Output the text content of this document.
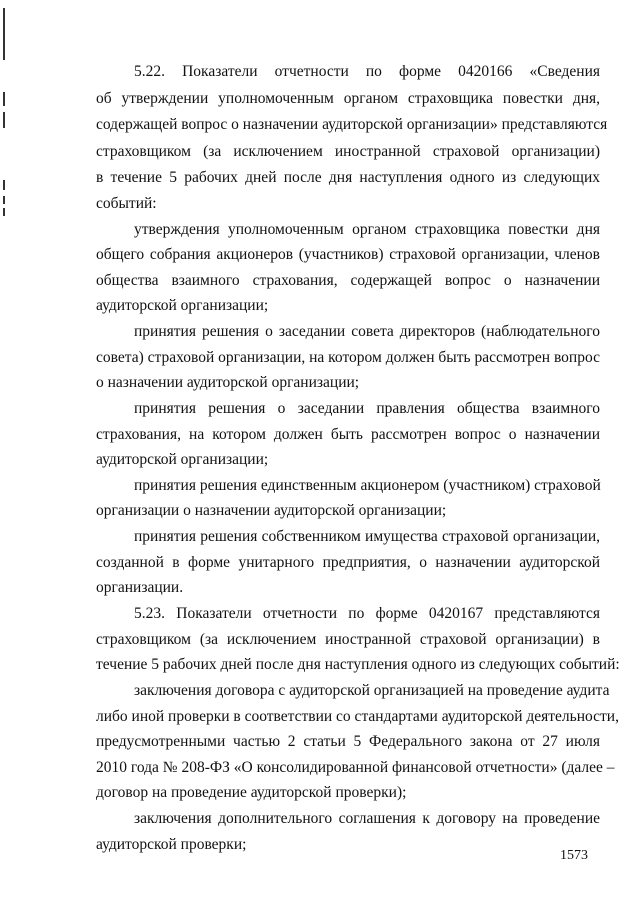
5.22. Показатели отчетности по форме 0420166 «Сведения
об утверждении уполномоченным органом страховщика повестки дня,
содержащей вопрос о назначении аудиторской организации» представляются
страховщиком (за исключением иностранной страховой организации)
в течение 5 рабочих дней после дня наступления одного из следующих
событий:
утверждения уполномоченным органом страховщика повестки дня
общего собрания акционеров (участников) страховой организации, членов
общества взаимного страхования, содержащей вопрос о назначении
аудиторской организации;
принятия решения о заседании совета директоров (наблюдательного
совета) страховой организации, на котором должен быть рассмотрен вопрос
о назначении аудиторской организации;
принятия решения о заседании правления общества взаимного
страхования, на котором должен быть рассмотрен вопрос о назначении
аудиторской организации;
принятия решения единственным акционером (участником) страховой
организации о назначении аудиторской организации;
принятия решения собственником имущества страховой организации,
созданной в форме унитарного предприятия, о назначении аудиторской
организации.
5.23. Показатели отчетности по форме 0420167 представляются
страховщиком (за исключением иностранной страховой организации) в
течение 5 рабочих дней после дня наступления одного из следующих событий:
заключения договора с аудиторской организацией на проведение аудита
либо иной проверки в соответствии со стандартами аудиторской деятельности,
предусмотренными частью 2 статьи 5 Федерального закона от 27 июля
2010 года № 208-ФЗ «О консолидированной финансовой отчетности» (далее –
договор на проведение аудиторской проверки);
заключения дополнительного соглашения к договору на проведение
аудиторской проверки;
1573
